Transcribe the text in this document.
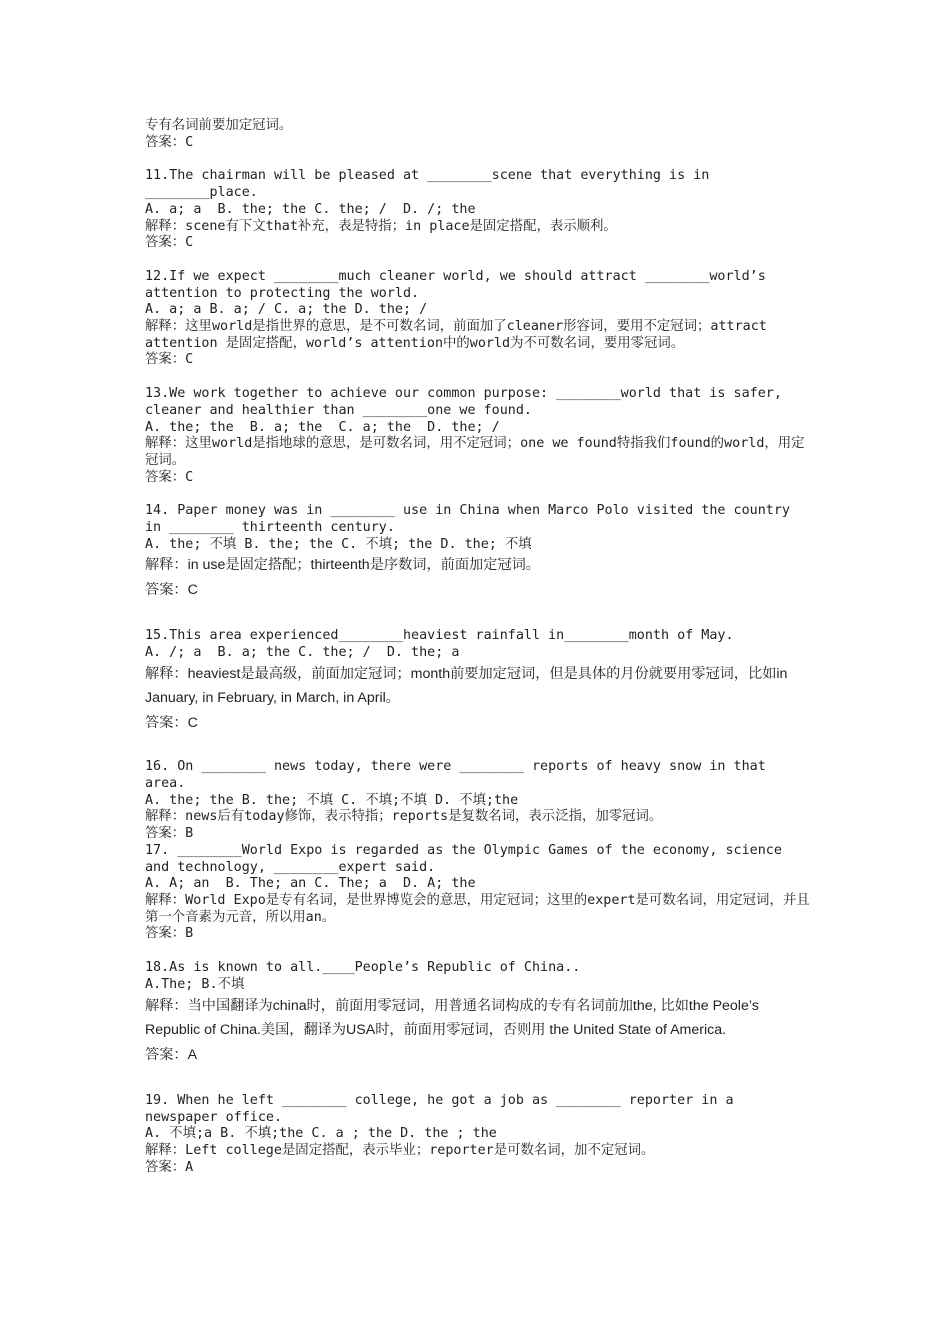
专有名词前要加定冠词。
答案：C
11.The chairman will be pleased at ________scene that everything is in ________place.
A. a; a  B. the; the C. the; /  D. /; the
解释：scene有下文that补充，表是特指；in place是固定搭配，表示顺利。
答案：C
12.If we expect ________much cleaner world, we should attract ________world’s attention to protecting the world.
A. a; a B. a; / C. a; the D. the; /
解释：这里world是指世界的意思，是不可数名词，前面加了cleaner形容词，要用不定冠词；attract attention 是固定搭配，world’s attention中的world为不可数名词，要用零冠词。
答案：C
13.We work together to achieve our common purpose: ________world that is safer, cleaner and healthier than ________one we found.
A. the; the  B. a; the  C. a; the  D. the; /
解释：这里world是指地球的意思，是可数名词，用不定冠词；one we found特指我们found的world，用定冠词。
答案：C
14. Paper money was in ________ use in China when Marco Polo visited the country in ________ thirteenth century.
A. the; 不填 B. the; the C. 不填; the D. the; 不填
解释：in use是固定搭配；thirteenth是序数词，前面加定冠词。
答案：C
15.This area experienced________heaviest rainfall in________month of May.
A. /; a  B. a; the C. the; /  D. the; a
解释：heaviest是最高级，前面加定冠词；month前要加定冠词，但是具体的月份就要用零冠词，比如in January, in February, in March, in April。
答案：C
16. On ________ news today, there were ________ reports of heavy snow in that area.
A. the; the B. the; 不填 C. 不填;不填 D. 不填;the
解释：news后有today修饰，表示特指；reports是复数名词，表示泛指，加零冠词。
答案：B
17. ________World Expo is regarded as the Olympic Games of the economy, science and technology, ________expert said.
A. A; an  B. The; an C. The; a  D. A; the
解释：World Expo是专有名词，是世界博览会的意思，用定冠词；这里的expert是可数名词，用定冠词，并且第一个音素为元音，所以用an。
答案：B
18.As is known to all.____People’s Republic of China..
A.The; B.不填
解释：当中国翻译为china时，前面用零冠词，用普通名词构成的专有名词前加the, 比如the Peole’s Republic of China.美国，翻译为USA时，前面用零冠词，否则用 the United State of America.
答案：A
19. When he left ________ college, he got a job as ________ reporter in a newspaper office.
A. 不填;a B. 不填;the C. a ; the D. the ; the
解释：Left college是固定搭配，表示毕业；reporter是可数名词，加不定冠词。
答案：A
